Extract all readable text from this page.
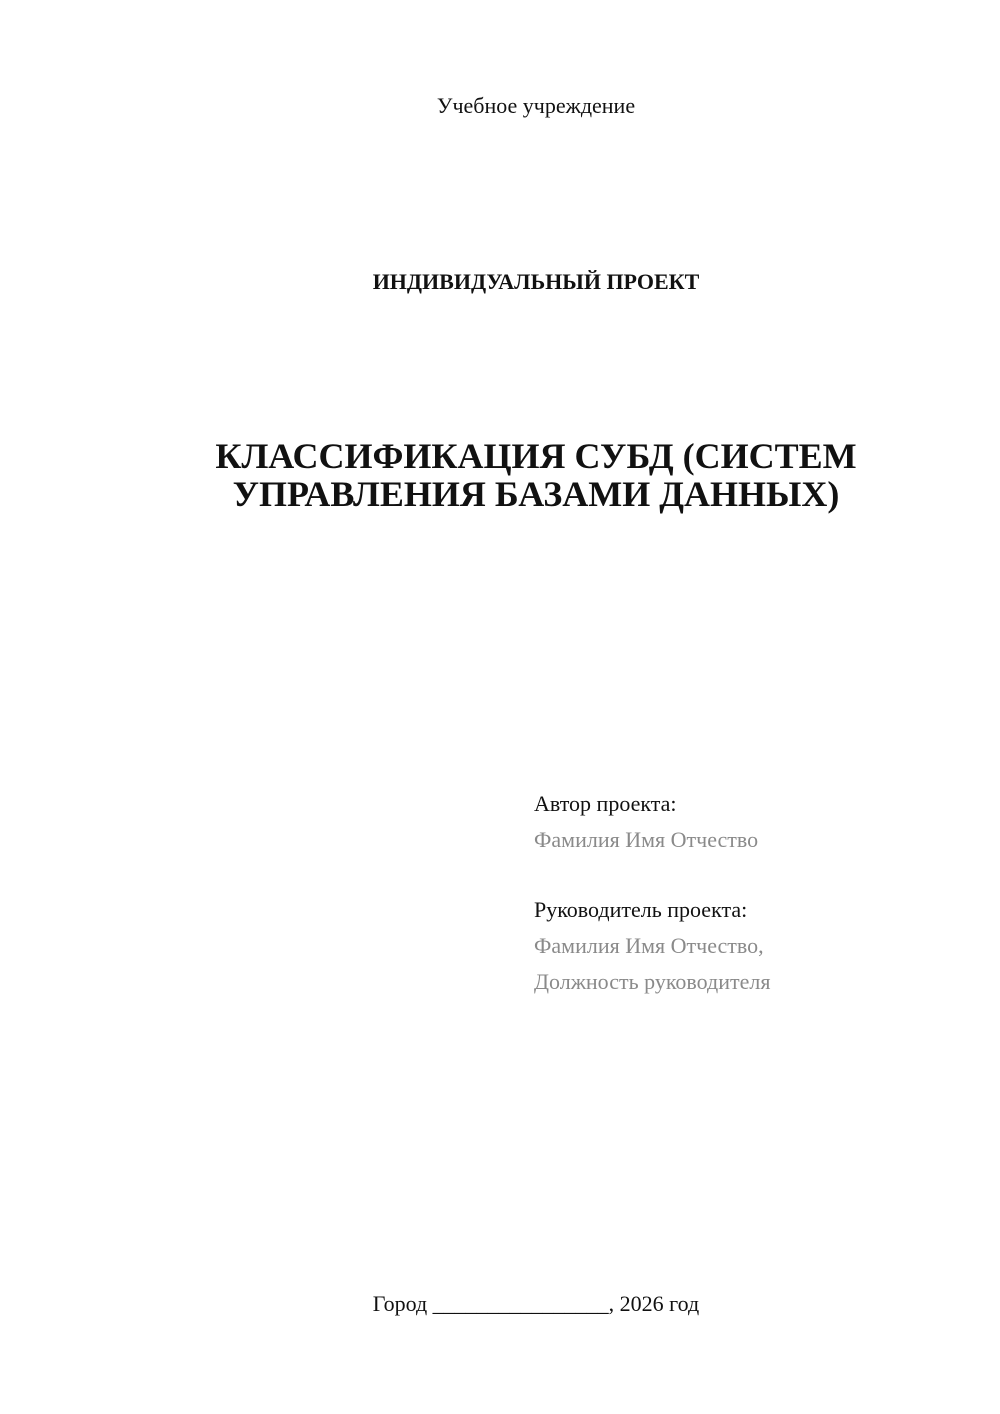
Учебное учреждение
ИНДИВИДУАЛЬНЫЙ ПРОЕКТ
КЛАССИФИКАЦИЯ СУБД (СИСТЕМ
УПРАВЛЕНИЯ БАЗАМИ ДАННЫХ)
Автор проекта:
Фамилия Имя Отчество
Руководитель проекта:
Фамилия Имя Отчество,
Должность руководителя
Город ________________, 2026 год
